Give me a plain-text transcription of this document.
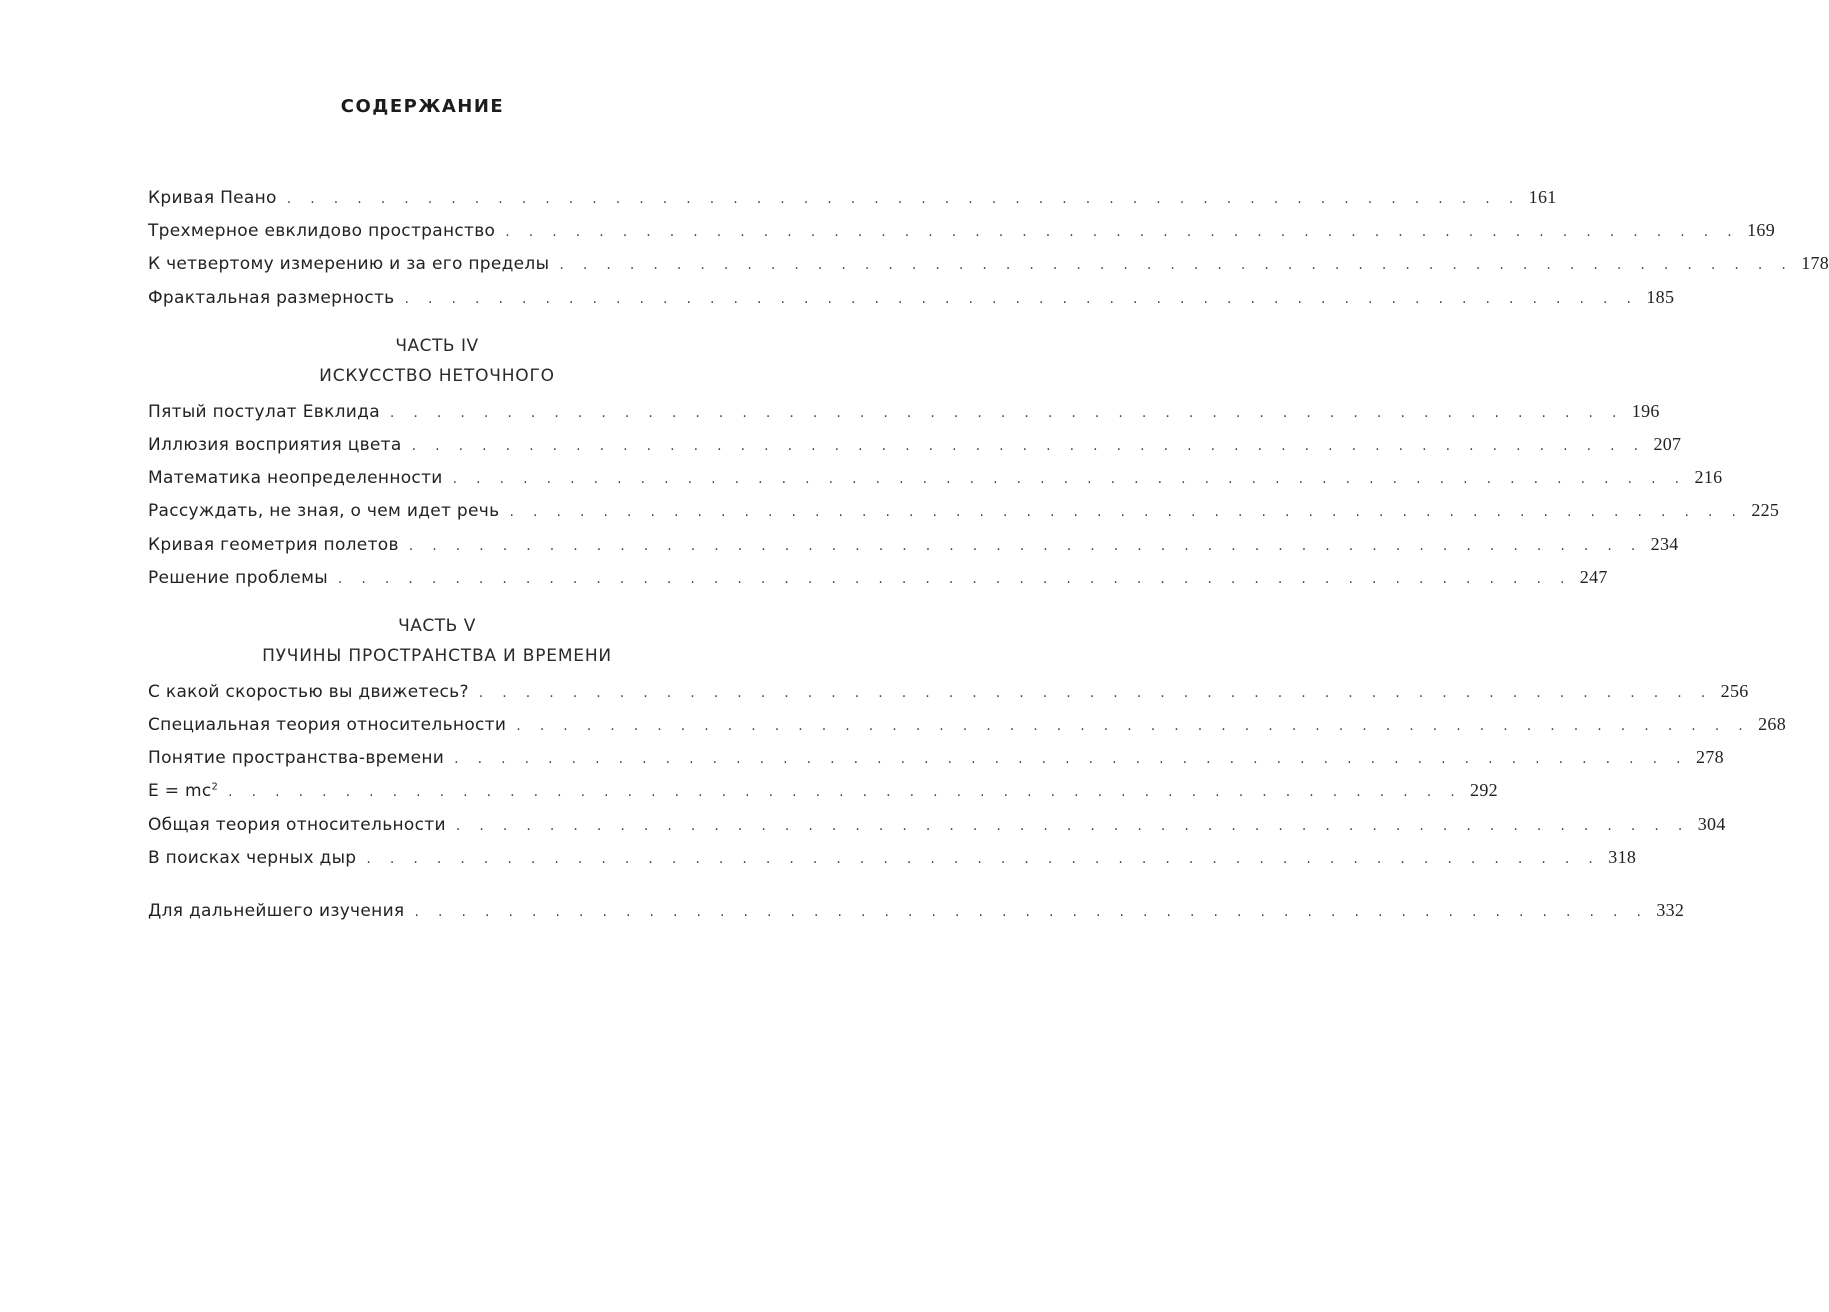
СОДЕРЖАНИЕ
Кривая Пеано . . . . . . . . . . . . . . . . . . . . . . . . . . . . . . . . . . . . . . . . . . . . . . . . . . . . . 161
Трехмерное евклидово пространство . . . . . . . . . . . . . . . . . . . . . . . . . . . . . . . . . . . . . . . . . . . . . . . . . . . . . 169
К четвертому измерению и за его пределы . . . . . . . . . . . . . . . . . . . . . . . . . . . . . . . . . . . . . . . . . . . . . . . . . . . . . 178
Фрактальная размерность . . . . . . . . . . . . . . . . . . . . . . . . . . . . . . . . . . . . . . . . . . . . . . . . . . . . . 185
ЧАСТЬ IV
ИСКУССТВО НЕТОЧНОГО
Пятый постулат Евклида . . . . . . . . . . . . . . . . . . . . . . . . . . . . . . . . . . . . . . . . . . . . . . . . . . . . . 196
Иллюзия восприятия цвета . . . . . . . . . . . . . . . . . . . . . . . . . . . . . . . . . . . . . . . . . . . . . . . . . . . . . 207
Математика неопределенности . . . . . . . . . . . . . . . . . . . . . . . . . . . . . . . . . . . . . . . . . . . . . . . . . . . . . 216
Рассуждать, не зная, о чем идет речь . . . . . . . . . . . . . . . . . . . . . . . . . . . . . . . . . . . . . . . . . . . . . . . . . . . . . 225
Кривая геометрия полетов . . . . . . . . . . . . . . . . . . . . . . . . . . . . . . . . . . . . . . . . . . . . . . . . . . . . . 234
Решение проблемы . . . . . . . . . . . . . . . . . . . . . . . . . . . . . . . . . . . . . . . . . . . . . . . . . . . . . 247
ЧАСТЬ V
ПУЧИНЫ ПРОСТРАНСТВА И ВРЕМЕНИ
С какой скоростью вы движетесь? . . . . . . . . . . . . . . . . . . . . . . . . . . . . . . . . . . . . . . . . . . . . . . . . . . . . . 256
Специальная теория относительности . . . . . . . . . . . . . . . . . . . . . . . . . . . . . . . . . . . . . . . . . . . . . . . . . . . . . 268
Понятие пространства-времени . . . . . . . . . . . . . . . . . . . . . . . . . . . . . . . . . . . . . . . . . . . . . . . . . . . . . 278
$E = mc^2$ . . . . . . . . . . . . . . . . . . . . . . . . . . . . . . . . . . . . . . . . . . . . . . . . . . . . . 292
Общая теория относительности . . . . . . . . . . . . . . . . . . . . . . . . . . . . . . . . . . . . . . . . . . . . . . . . . . . . . 304
В поисках черных дыр . . . . . . . . . . . . . . . . . . . . . . . . . . . . . . . . . . . . . . . . . . . . . . . . . . . . . 318
Для дальнейшего изучения . . . . . . . . . . . . . . . . . . . . . . . . . . . . . . . . . . . . . . . . . . . . . . . . . . . . . 332
